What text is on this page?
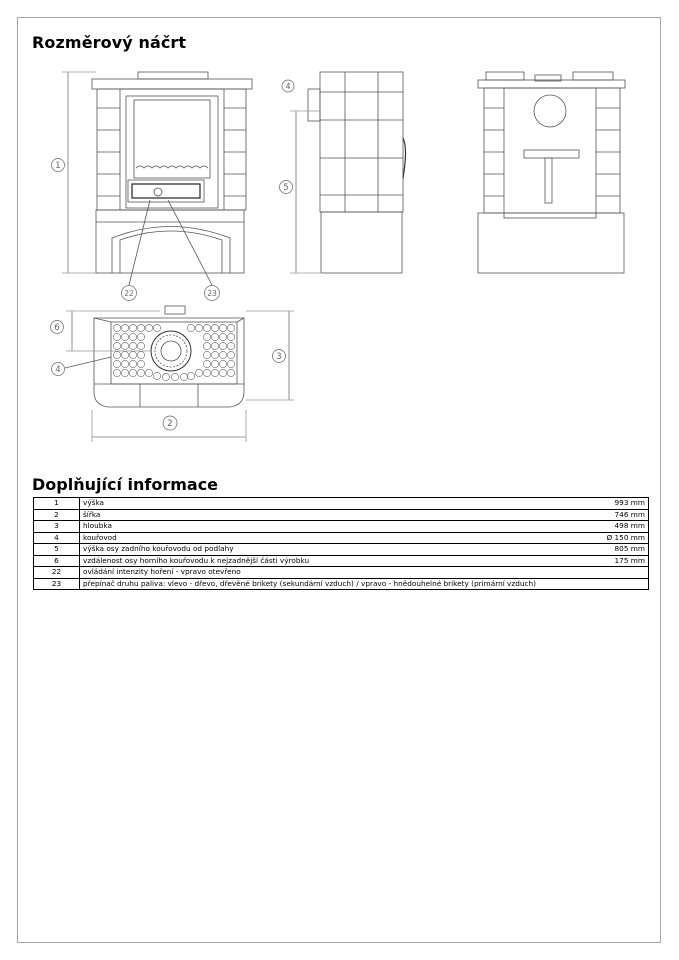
Rozměrový náčrt
1
5
4
22	23
6
4
3
2
Doplňující informace
1	výška	993 mm
2	šířka	746 mm
3	hloubka	498 mm
4	kouřovod	Ø 150 mm
5	výška osy zadního kouřovodu od podlahy	805 mm
6	vzdálenost osy horního kouřovodu k nejzadnější části výrobku	175 mm
22	ovládání intenzity hoření - vpravo otevřeno	
23	přepínač druhu paliva: vlevo - dřevo, dřevěné brikety (sekundární vzduch) / vpravo - hnědouhelné brikety (primární vzduch)	
